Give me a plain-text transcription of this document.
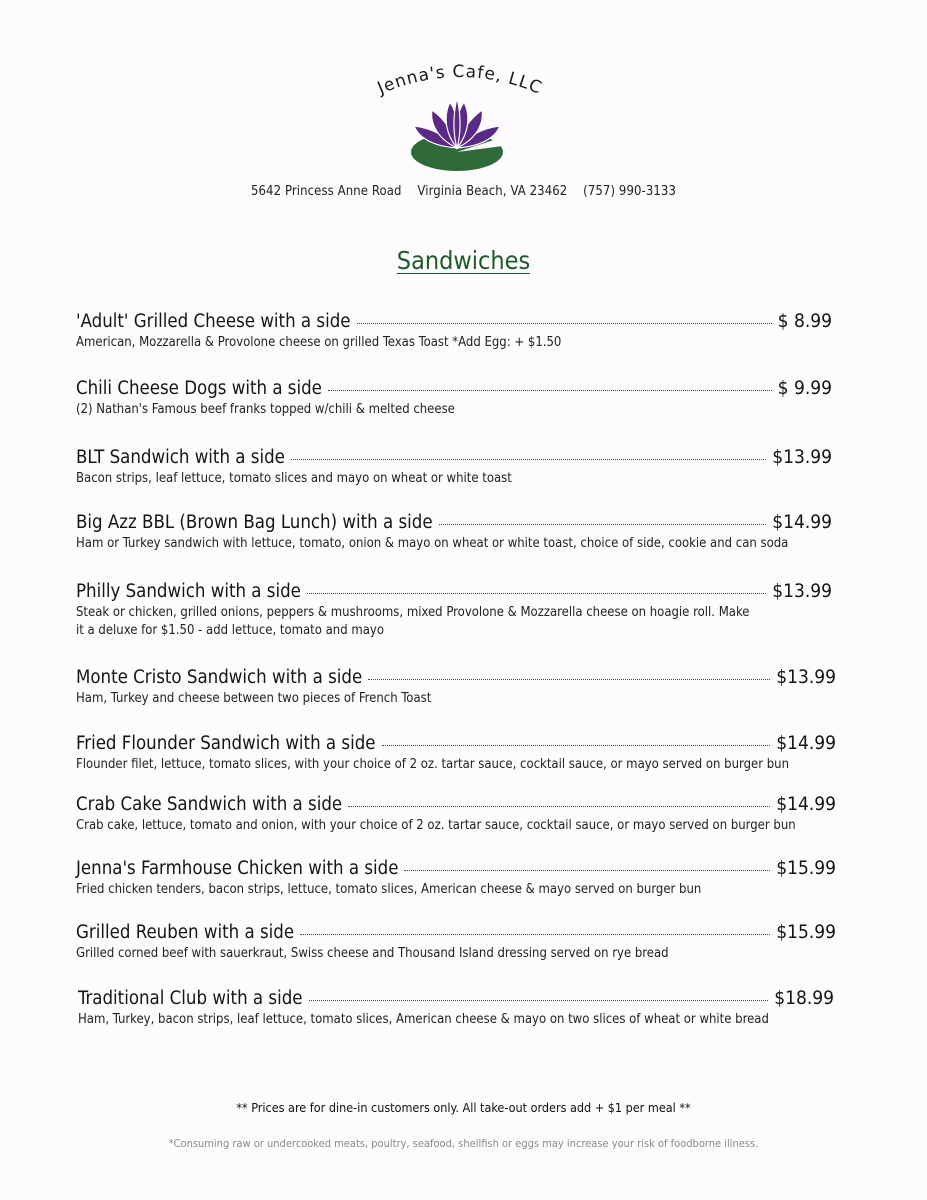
Jenna's Cafe, LLC
5642 Princess Anne Road Virginia Beach, VA 23462 (757) 990-3133
Sandwiches
'Adult' Grilled Cheese with a side	$ 8.99
American, Mozzarella & Provolone cheese on grilled Texas Toast *Add Egg: + $1.50
Chili Cheese Dogs with a side	$ 9.99
(2) Nathan's Famous beef franks topped w/chili & melted cheese
BLT Sandwich with a side	$13.99
Bacon strips, leaf lettuce, tomato slices and mayo on wheat or white toast
Big Azz BBL (Brown Bag Lunch) with a side	$14.99
Ham or Turkey sandwich with lettuce, tomato, onion & mayo on wheat or white toast, choice of side, cookie and can soda
Philly Sandwich with a side	$13.99
Steak or chicken, grilled onions, peppers & mushrooms, mixed Provolone & Mozzarella cheese on hoagie roll. Make it a deluxe for $1.50 - add lettuce, tomato and mayo
Monte Cristo Sandwich with a side	$13.99
Ham, Turkey and cheese between two pieces of French Toast
Fried Flounder Sandwich with a side	$14.99
Flounder filet, lettuce, tomato slices, with your choice of 2 oz. tartar sauce, cocktail sauce, or mayo served on burger bun
Crab Cake Sandwich with a side	$14.99
Crab cake, lettuce, tomato and onion, with your choice of 2 oz. tartar sauce, cocktail sauce, or mayo served on burger bun
Jenna's Farmhouse Chicken with a side	$15.99
Fried chicken tenders, bacon strips, lettuce, tomato slices, American cheese & mayo served on burger bun
Grilled Reuben with a side	$15.99
Grilled corned beef with sauerkraut, Swiss cheese and Thousand Island dressing served on rye bread
Traditional Club with a side	$18.99
Ham, Turkey, bacon strips, leaf lettuce, tomato slices, American cheese & mayo on two slices of wheat or white bread
** Prices are for dine-in customers only. All take-out orders add + $1 per meal **
*Consuming raw or undercooked meats, poultry, seafood, shellfish or eggs may increase your risk of foodborne illness.
